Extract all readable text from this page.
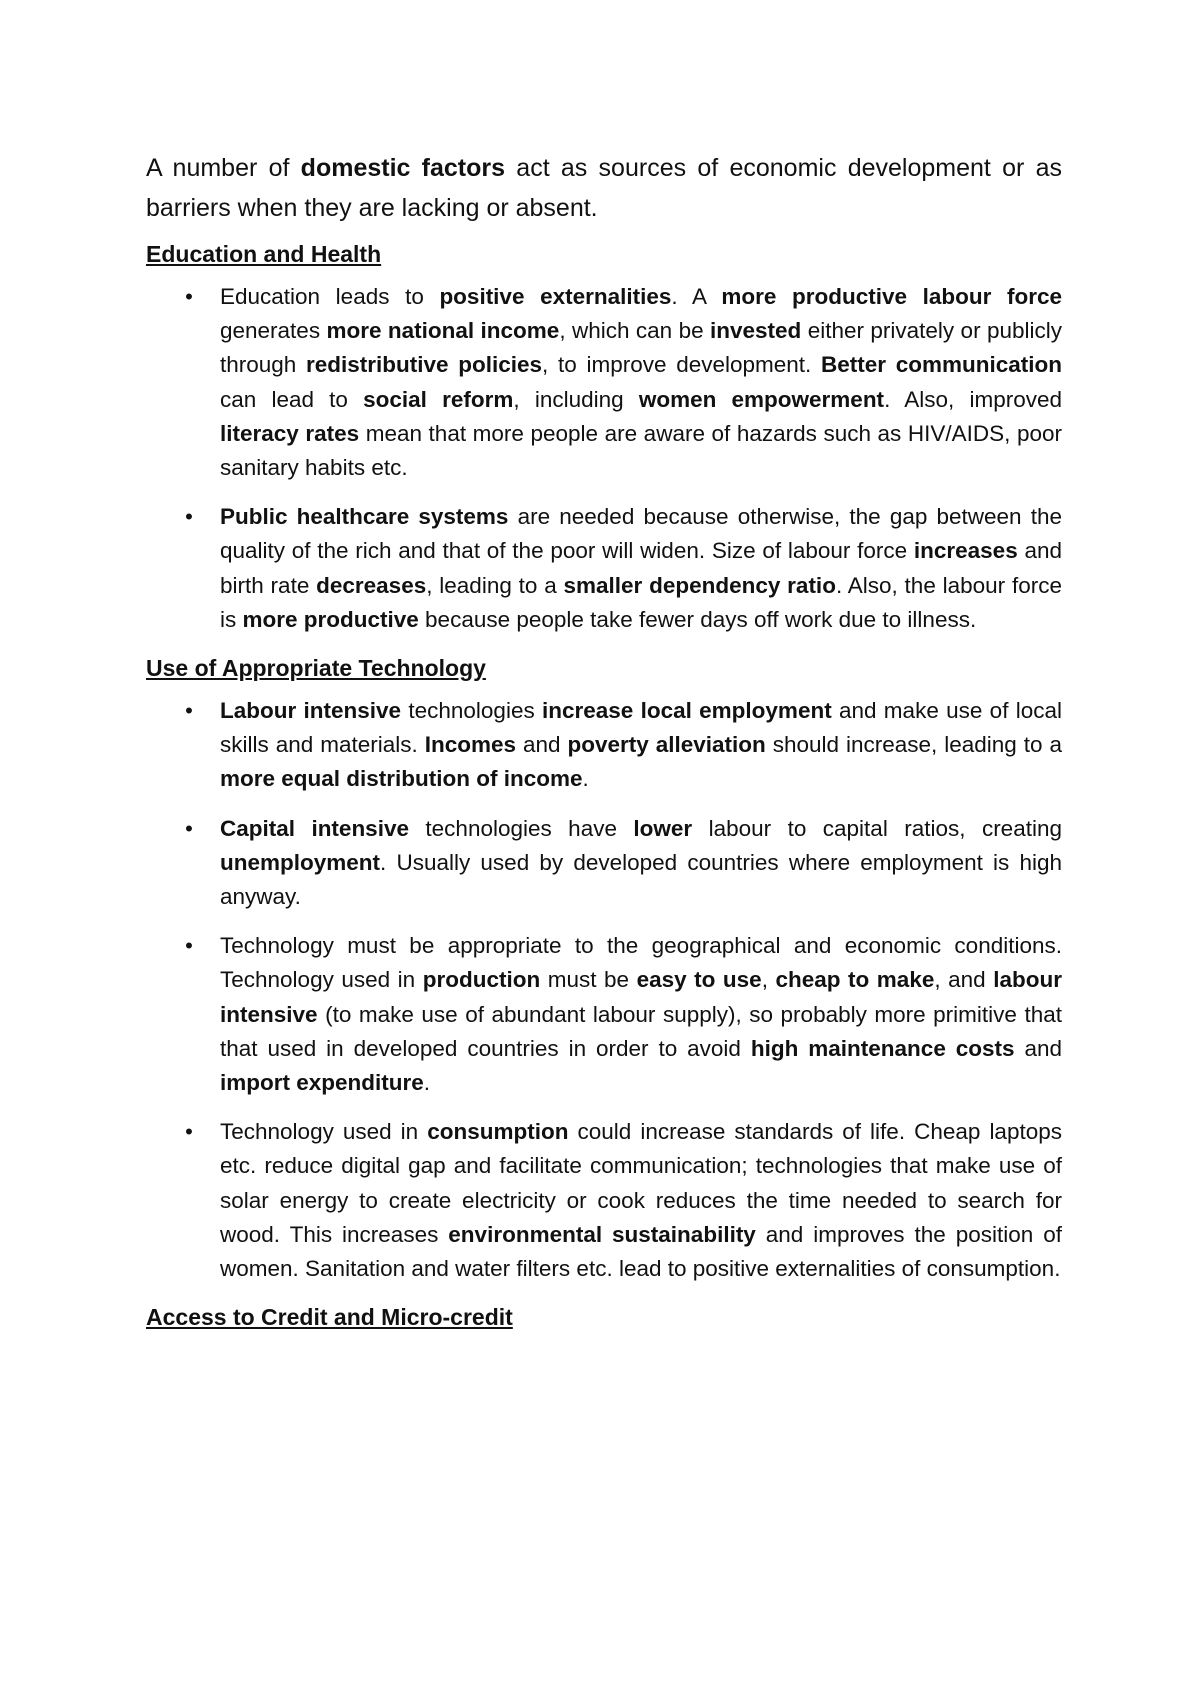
A number of domestic factors act as sources of economic development or as barriers when they are lacking or absent.

Education and Health
• Education leads to positive externalities. A more productive labour force generates more national income, which can be invested either privately or publicly through redistributive policies, to improve development. Better communication can lead to social reform, including women empowerment. Also, improved literacy rates mean that more people are aware of hazards such as HIV/AIDS, poor sanitary habits etc.
• Public healthcare systems are needed because otherwise, the gap between the quality of the rich and that of the poor will widen. Size of labour force increases and birth rate decreases, leading to a smaller dependency ratio. Also, the labour force is more productive because people take fewer days off work due to illness.
Use of Appropriate Technology
• Labour intensive technologies increase local employment and make use of local skills and materials. Incomes and poverty alleviation should increase, leading to a more equal distribution of income.
• Capital intensive technologies have lower labour to capital ratios, creating unemployment. Usually used by developed countries where employment is high anyway.
• Technology must be appropriate to the geographical and economic conditions. Technology used in production must be easy to use, cheap to make, and labour intensive (to make use of abundant labour supply), so probably more primitive that that used in developed countries in order to avoid high maintenance costs and import expenditure.
• Technology used in consumption could increase standards of life. Cheap laptops etc. reduce digital gap and facilitate communication; technologies that make use of solar energy to create electricity or cook reduces the time needed to search for wood. This increases environmental sustainability and improves the position of women. Sanitation and water filters etc. lead to positive externalities of consumption.
Access to Credit and Micro-credit
